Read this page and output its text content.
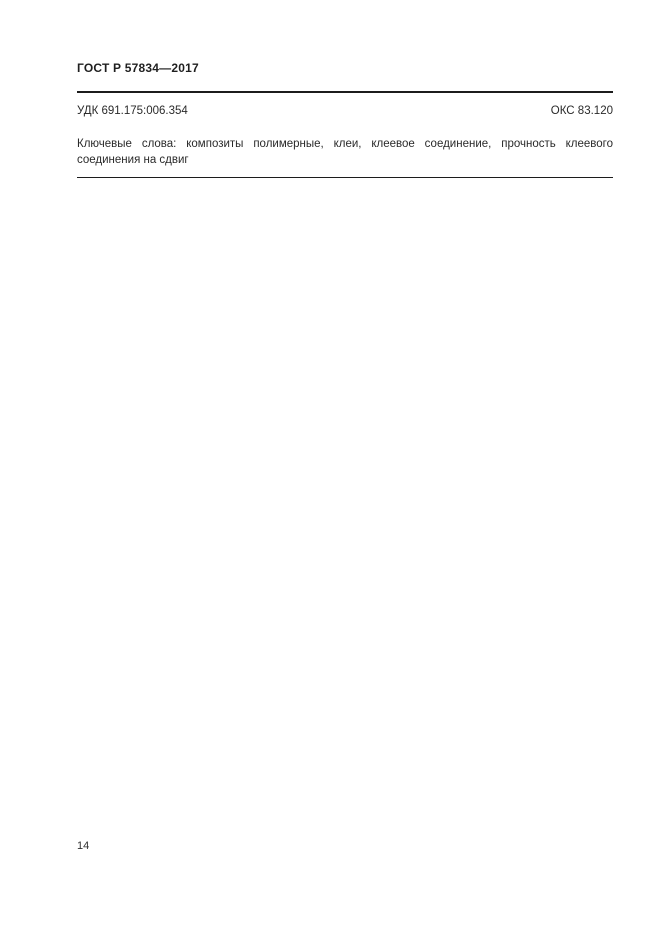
ГОСТ Р 57834—2017
УДК 691.175:006.354	ОКС 83.120

Ключевые слова: композиты полимерные, клеи, клеевое соединение, прочность клеевого соединения на сдвиг

14
